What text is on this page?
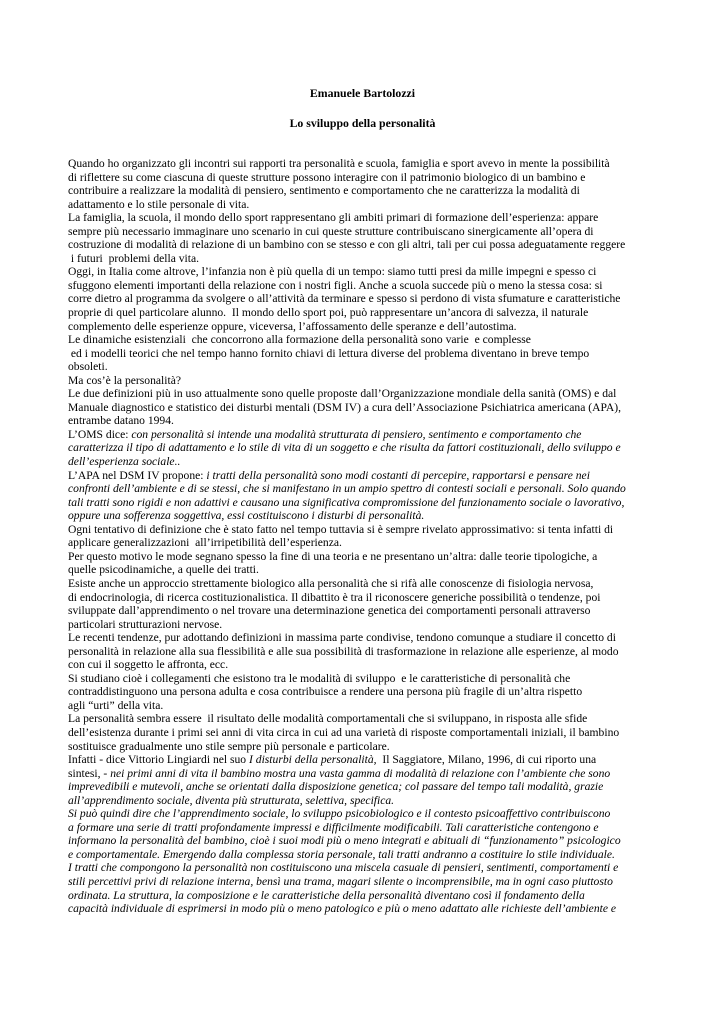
Emanuele Bartolozzi
Lo sviluppo della personalità
Quando ho organizzato gli incontri sui rapporti tra personalità e scuola, famiglia e sport avevo in mente la possibilità
di riflettere su come ciascuna di queste strutture possono interagire con il patrimonio biologico di un bambino e
contribuire a realizzare la modalità di pensiero, sentimento e comportamento che ne caratterizza la modalità di
adattamento e lo stile personale di vita.
La famiglia, la scuola, il mondo dello sport rappresentano gli ambiti primari di formazione dell’esperienza: appare
sempre più necessario immaginare uno scenario in cui queste strutture contribuiscano sinergicamente all’opera di
costruzione di modalità di relazione di un bambino con se stesso e con gli altri, tali per cui possa adeguatamente reggere
i futuri  problemi della vita.
Oggi, in Italia come altrove, l’infanzia non è più quella di un tempo: siamo tutti presi da mille impegni e spesso ci
sfuggono elementi importanti della relazione con i nostri figli. Anche a scuola succede più o meno la stessa cosa: si
corre dietro al programma da svolgere o all’attività da terminare e spesso si perdono di vista sfumature e caratteristiche
proprie di quel particolare alunno.  Il mondo dello sport poi, può rappresentare un’ancora di salvezza, il naturale
complemento delle esperienze oppure, viceversa, l’affossamento delle speranze e dell’autostima.
Le dinamiche esistenziali  che concorrono alla formazione della personalità sono varie  e complesse
ed i modelli teorici che nel tempo hanno fornito chiavi di lettura diverse del problema diventano in breve tempo
obsoleti.
Ma cos’è la personalità?
Le due definizioni più in uso attualmente sono quelle proposte dall’Organizzazione mondiale della sanità (OMS) e dal
Manuale diagnostico e statistico dei disturbi mentali (DSM IV) a cura dell’Associazione Psichiatrica americana (APA),
entrambe datano 1994.
L’OMS dice: con personalità si intende una modalità strutturata di pensiero, sentimento e comportamento che
caratterizza il tipo di adattamento e lo stile di vita di un soggetto e che risulta da fattori costituzionali, dello sviluppo e
dell’esperienza sociale..
L’APA nel DSM IV propone: i tratti della personalità sono modi costanti di percepire, rapportarsi e pensare nei
confronti dell’ambiente e di se stessi, che si manifestano in un ampio spettro di contesti sociali e personali. Solo quando
tali tratti sono rigidi e non adattivi e causano una significativa compromissione del funzionamento sociale o lavorativo,
oppure una sofferenza soggettiva, essi costituiscono i disturbi di personalità.
Ogni tentativo di definizione che è stato fatto nel tempo tuttavia si è sempre rivelato approssimativo: si tenta infatti di
applicare generalizzazioni  all’irripetibilità dell’esperienza.
Per questo motivo le mode segnano spesso la fine di una teoria e ne presentano un’altra: dalle teorie tipologiche, a
quelle psicodinamiche, a quelle dei tratti.
Esiste anche un approccio strettamente biologico alla personalità che si rifà alle conoscenze di fisiologia nervosa,
di endocrinologia, di ricerca costituzionalistica. Il dibattito è tra il riconoscere generiche possibilità o tendenze, poi
sviluppate dall’apprendimento o nel trovare una determinazione genetica dei comportamenti personali attraverso
particolari strutturazioni nervose.
Le recenti tendenze, pur adottando definizioni in massima parte condivise, tendono comunque a studiare il concetto di
personalità in relazione alla sua flessibilità e alle sua possibilità di trasformazione in relazione alle esperienze, al modo
con cui il soggetto le affronta, ecc.
Si studiano cioè i collegamenti che esistono tra le modalità di sviluppo  e le caratteristiche di personalità che
contraddistinguono una persona adulta e cosa contribuisce a rendere una persona più fragile di un’altra rispetto
agli “urti” della vita.
La personalità sembra essere  il risultato delle modalità comportamentali che si sviluppano, in risposta alle sfide
dell’esistenza durante i primi sei anni di vita circa in cui ad una varietà di risposte comportamentali iniziali, il bambino
sostituisce gradualmente uno stile sempre più personale e particolare.
Infatti - dice Vittorio Lingiardi nel suo I disturbi della personalità,  Il Saggiatore, Milano, 1996, di cui riporto una
sintesi, - nei primi anni di vita il bambino mostra una vasta gamma di modalità di relazione con l’ambiente che sono
imprevedibili e mutevoli, anche se orientati dalla disposizione genetica; col passare del tempo tali modalità, grazie
all’apprendimento sociale, diventa più strutturata, selettiva, specifica.
Si può quindi dire che l’apprendimento sociale, lo sviluppo psicobiologico e il contesto psicoaffettivo contribuiscono
a formare una serie di tratti profondamente impressi e difficilmente modificabili. Tali caratteristiche contengono e
informano la personalità del bambino, cioè i suoi modi più o meno integrati e abituali di “funzionamento” psicologico
e comportamentale. Emergendo dalla complessa storia personale, tali tratti andranno a costituire lo stile individuale.
I tratti che compongono la personalità non costituiscono una miscela casuale di pensieri, sentimenti, comportamenti e
stili percettivi privi di relazione interna, bensì una trama, magari silente o incomprensibile, ma in ogni caso piuttosto
ordinata. La struttura, la composizione e le caratteristiche della personalità diventano così il fondamento della
capacità individuale di esprimersi in modo più o meno patologico e più o meno adattato alle richieste dell’ambiente e
